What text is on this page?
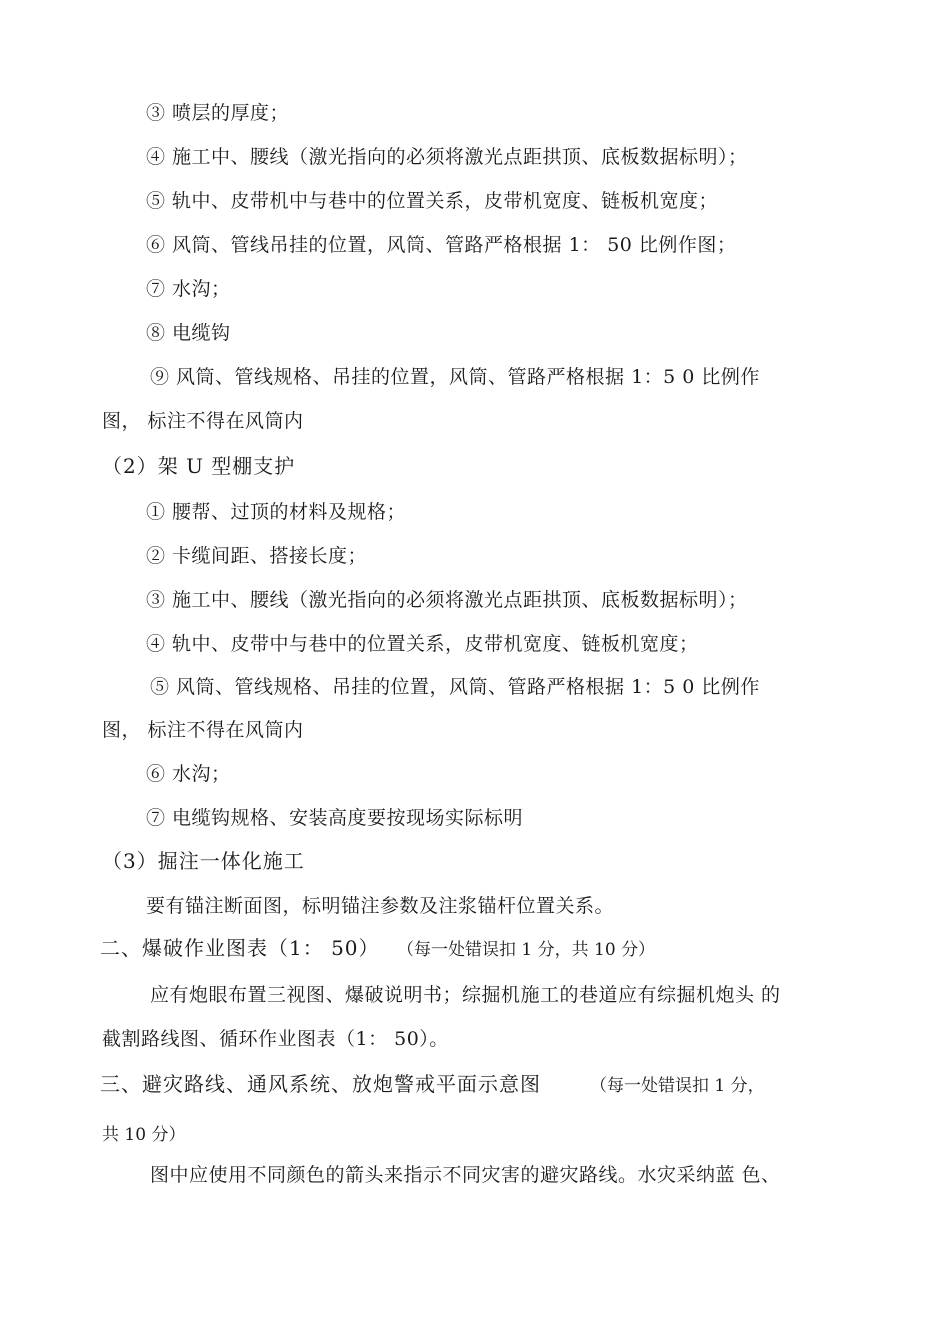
③ 喷层的厚度；
④ 施工中、腰线（激光指向的必须将激光点距拱顶、底板数据标明）；
⑤ 轨中、皮带机中与巷中的位置关系，皮带机宽度、链板机宽度；
⑥ 风筒、管线吊挂的位置，风筒、管路严格根据 1： 50 比例作图；
⑦ 水沟；
⑧ 电缆钩
⑨ 风筒、管线规格、吊挂的位置，风筒、管路严格根据 1：5 0 比例作
图， 标注不得在风筒内
（2）架 U 型棚支护
① 腰帮、过顶的材料及规格；
② 卡缆间距、搭接长度；
③ 施工中、腰线（激光指向的必须将激光点距拱顶、底板数据标明）；
④ 轨中、皮带中与巷中的位置关系，皮带机宽度、链板机宽度；
⑤ 风筒、管线规格、吊挂的位置，风筒、管路严格根据 1：5 0 比例作
图， 标注不得在风筒内
⑥ 水沟；
⑦ 电缆钩规格、安装高度要按现场实际标明
（3）掘注一体化施工
要有锚注断面图，标明锚注参数及注浆锚杆位置关系。
二、爆破作业图表（1： 50） （每一处错误扣 1 分，共 10 分）
应有炮眼布置三视图、爆破说明书；综掘机施工的巷道应有综掘机炮头 的
截割路线图、循环作业图表（1： 50）。
三、避灾路线、通风系统、放炮警戒平面示意图	（每一处错误扣 1 分，
共 10 分）
图中应使用不同颜色的箭头来指示不同灾害的避灾路线。水灾采纳蓝 色、
